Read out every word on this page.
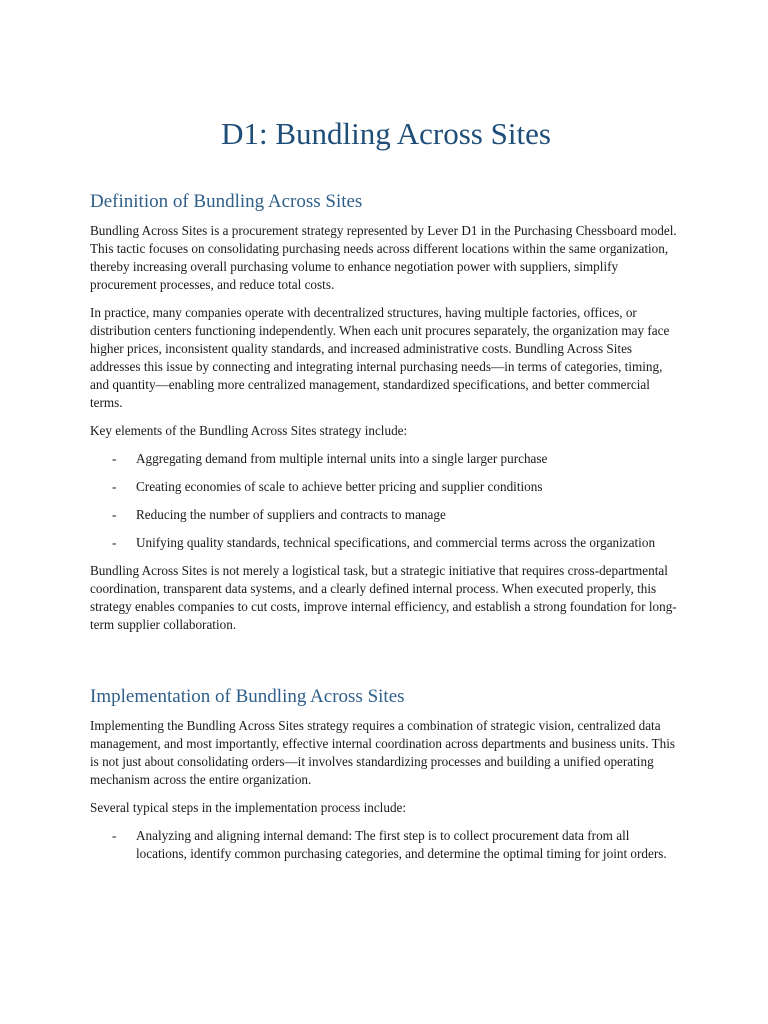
D1: Bundling Across Sites
Definition of Bundling Across Sites

Bundling Across Sites is a procurement strategy represented by Lever D1 in the Purchasing Chessboard model. This tactic focuses on consolidating purchasing needs across different locations within the same organization, thereby increasing overall purchasing volume to enhance negotiation power with suppliers, simplify procurement processes, and reduce total costs.

In practice, many companies operate with decentralized structures, having multiple factories, offices, or distribution centers functioning independently. When each unit procures separately, the organization may face higher prices, inconsistent quality standards, and increased administrative costs. Bundling Across Sites addresses this issue by connecting and integrating internal purchasing needs—in terms of categories, timing, and quantity—enabling more centralized management, standardized specifications, and better commercial terms.

Key elements of the Bundling Across Sites strategy include:

- Aggregating demand from multiple internal units into a single larger purchase
- Creating economies of scale to achieve better pricing and supplier conditions
- Reducing the number of suppliers and contracts to manage
- Unifying quality standards, technical specifications, and commercial terms across the organization

Bundling Across Sites is not merely a logistical task, but a strategic initiative that requires cross-departmental coordination, transparent data systems, and a clearly defined internal process. When executed properly, this strategy enables companies to cut costs, improve internal efficiency, and establish a strong foundation for long-term supplier collaboration.

Implementation of Bundling Across Sites

Implementing the Bundling Across Sites strategy requires a combination of strategic vision, centralized data management, and most importantly, effective internal coordination across departments and business units. This is not just about consolidating orders—it involves standardizing processes and building a unified operating mechanism across the entire organization.

Several typical steps in the implementation process include:

- Analyzing and aligning internal demand: The first step is to collect procurement data from all locations, identify common purchasing categories, and determine the optimal timing for joint orders.
